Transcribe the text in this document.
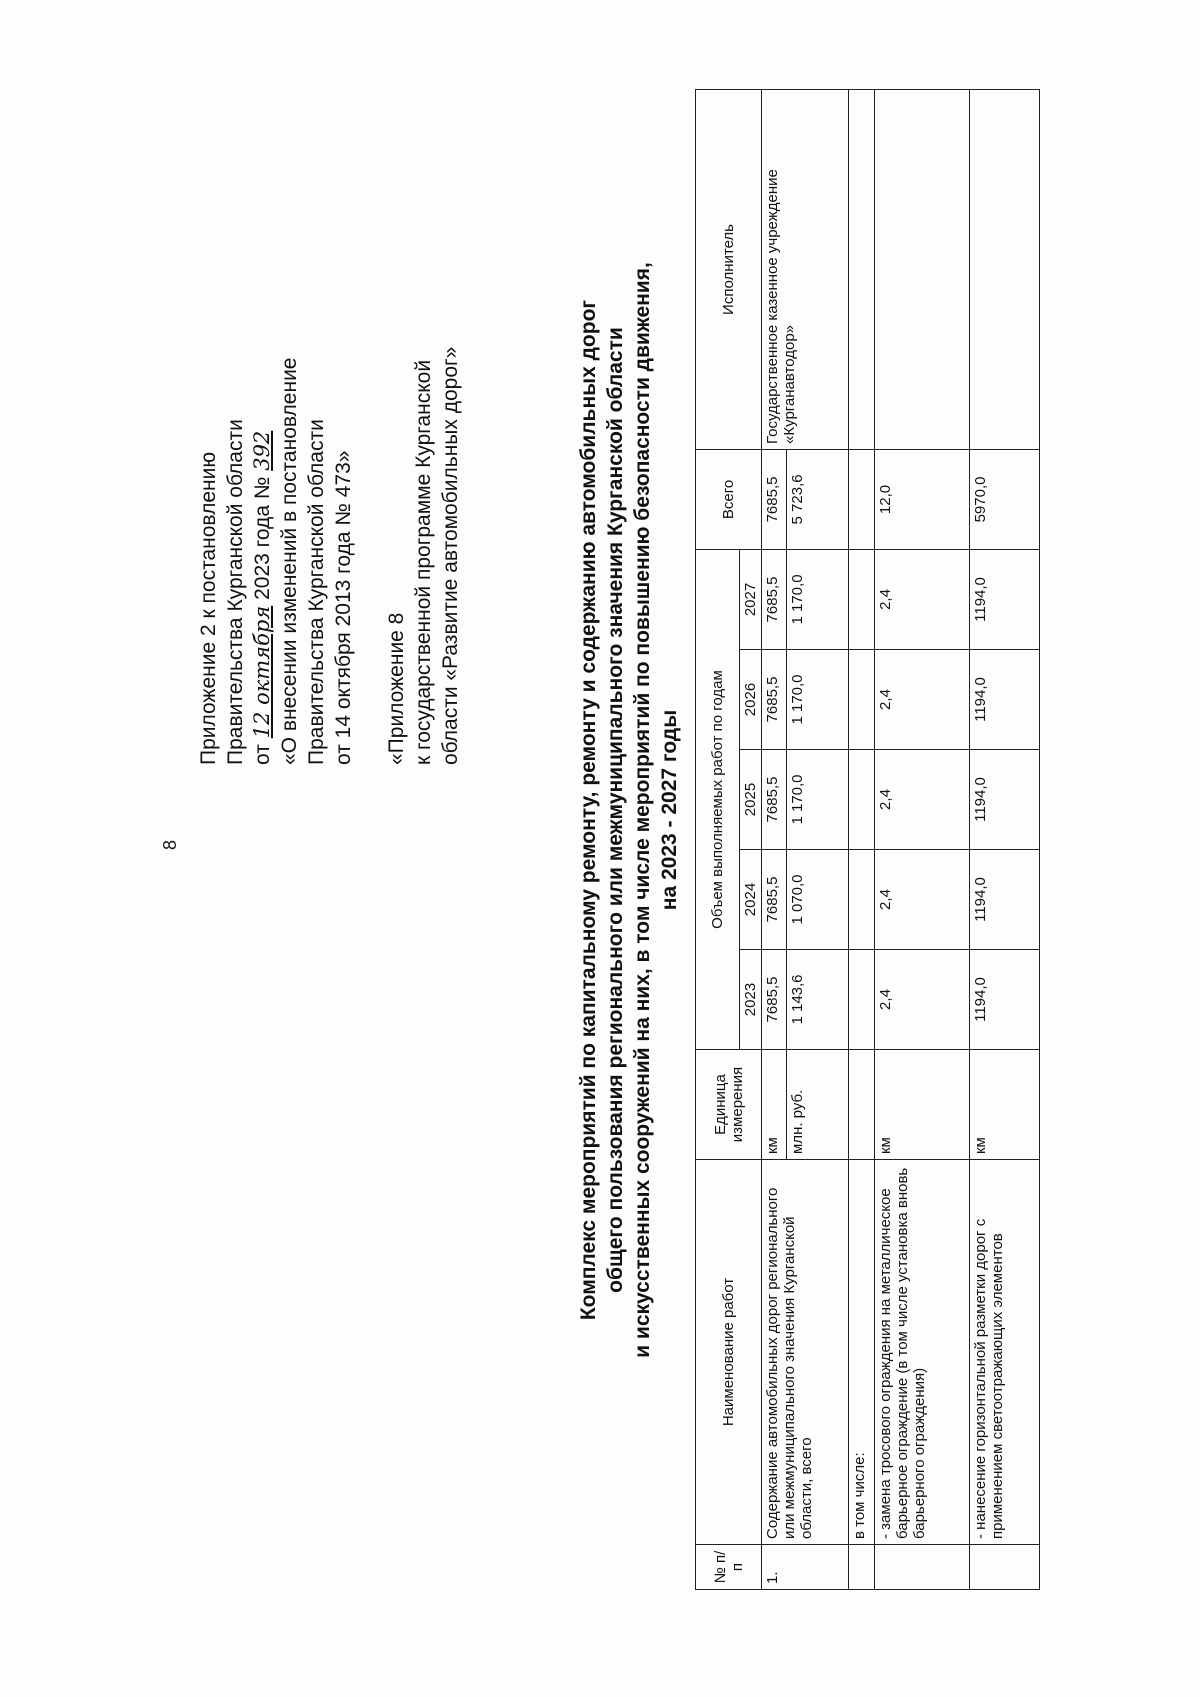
8
Приложение 2 к постановлению Правительства Курганской области от 12 октября 2023 года № 392 «О внесении изменений в постановление Правительства Курганской области от 14 октября 2013 года № 473» «Приложение 8 к государственной программе Курганской области «Развитие автомобильных дорог»	Комплекс мероприятий по капитальному ремонту, ремонту и содержанию автомобильных дорог общего пользования регионального или межмуниципального значения Курганской области и искусственных сооружений на них, в том числе мероприятий по повышению безопасности движения, на 2023 - 2027 годы
№ п/п	Наименование работ	Единица измерения	Объем выполняемых работ по годам					Всего	Исполнитель
			2023	2024	2025	2026	2027		
1.	Содержание автомобильных дорог регионального или межмуниципального значения Курганской области, всего	км	7685,5	7685,5	7685,5	7685,5	7685,5	7685,5	Государственное казенное учреждение «Курганавтодор»
		млн. руб.	1 143,6	1 070,0	1 170,0	1 170,0	1 170,0	5 723,6	
	в том числе:								
	- замена тросового ограждения на металлическое барьерное ограждение (в том числе установка вновь барьерного ограждения)	км	2,4	2,4	2,4	2,4	2,4	12,0	
	- нанесение горизонтальной разметки дорог с применением светоотражающих элементов	км	1194,0	1194,0	1194,0	1194,0	1194,0	5970,0	
